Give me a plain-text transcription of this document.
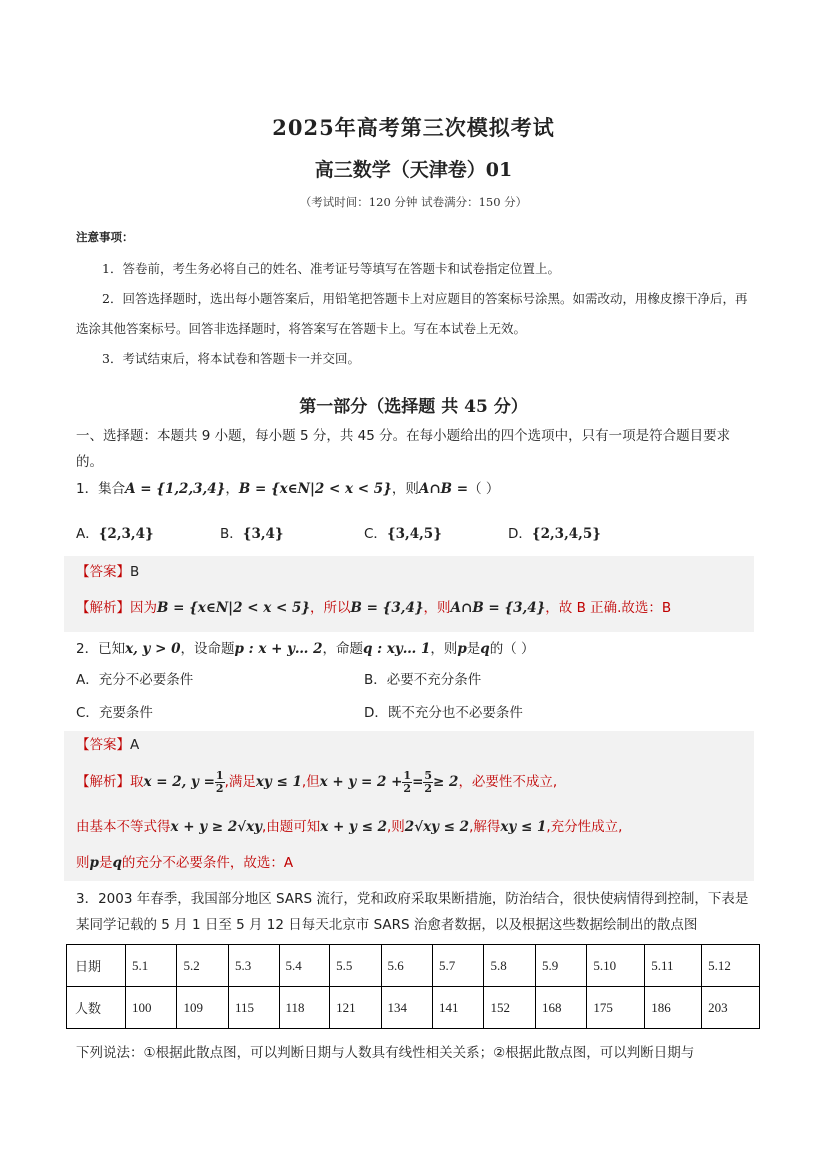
2025年高考第三次模拟考试
高三数学（天津卷）01
（考试时间：120 分钟 试卷满分：150 分）
注意事项：

1．答卷前，考生务必将自己的姓名、准考证号等填写在答题卡和试卷指定位置上。

2．回答选择题时，选出每小题答案后，用铅笔把答题卡上对应题目的答案标号涂黑。如需改动，用橡皮擦干净后，再选涂其他答案标号。回答非选择题时，将答案写在答题卡上。写在本试卷上无效。

3．考试结束后，将本试卷和答题卡一并交回。

第一部分（选择题 共 45 分）
一、选择题：本题共 9 小题，每小题 5 分，共 45 分。在每小题给出的四个选项中，只有一项是符合题目要求的。
1．集合A = {1,2,3,4}，B = {x∈N|2 < x < 5}，则A∩B =（ ）
A．{2,3,4}	B．{3,4}	C．{3,4,5}	D．{2,3,4,5}
【答案】B
【解析】因为B = {x∈N|2 < x < 5}，所以B = {3,4}，则A∩B = {3,4}，故 B 正确.故选：B
2．已知x, y > 0，设命题p : x + y… 2，命题q : xy… 1，则p是q的（ ）
A．充分不必要条件	B．必要不充分条件
C．充要条件	D．既不充分也不必要条件
【答案】A
【解析】取x = 2, $y = \frac{1}{2}$ ,满足xy ≤ 1,但$x + y = 2 + \frac{1}{2} = \frac{5}{2} \ge 2$，必要性不成立,
由基本不等式得x + y ≥ 2√xy,由题可知x + y ≤ 2,则2√xy ≤ 2,解得xy ≤ 1,充分性成立,
则p是q的充分不必要条件，故选：A
3．2003 年春季，我国部分地区 SARS 流行，党和政府采取果断措施，防治结合，很快使病情得到控制，下表是某同学记载的 5 月 1 日至 5 月 12 日每天北京市 SARS 治愈者数据，以及根据这些数据绘制出的散点图
日期	5.1	5.2	5.3	5.4	5.5	5.6	5.7	5.8	5.9	5.10	5.11	5.12
人数	100	109	115	118	121	134	141	152	168	175	186	203
下列说法：①根据此散点图，可以判断日期与人数具有线性相关关系；②根据此散点图，可以判断日期与
